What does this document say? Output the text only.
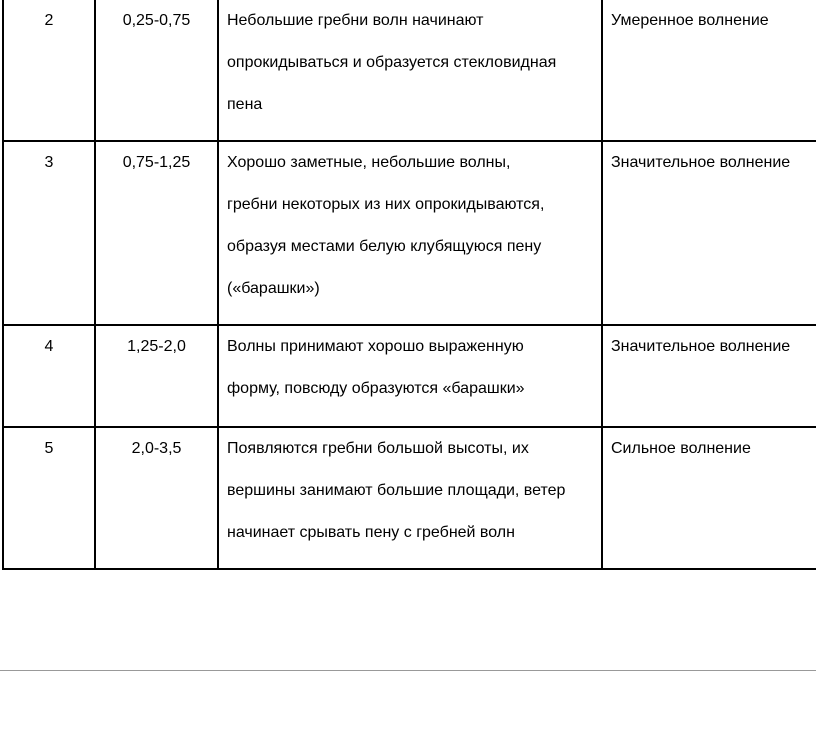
2	0,25-0,75	Небольшие гребни волн начинают
опрокидываться и образуется стекловидная
пена	Умеренное волнение
3	0,75-1,25	Хорошо заметные, небольшие волны,
гребни некоторых из них опрокидываются,
образуя местами белую клубящуюся пену
(«барашки»)	Значительное волнение
4	1,25-2,0	Волны принимают хорошо выраженную
форму, повсюду образуются «барашки»	Значительное волнение
5	2,0-3,5	Появляются гребни большой высоты, их
вершины занимают большие площади, ветер
начинает срывать пену с гребней волн	Сильное волнение
